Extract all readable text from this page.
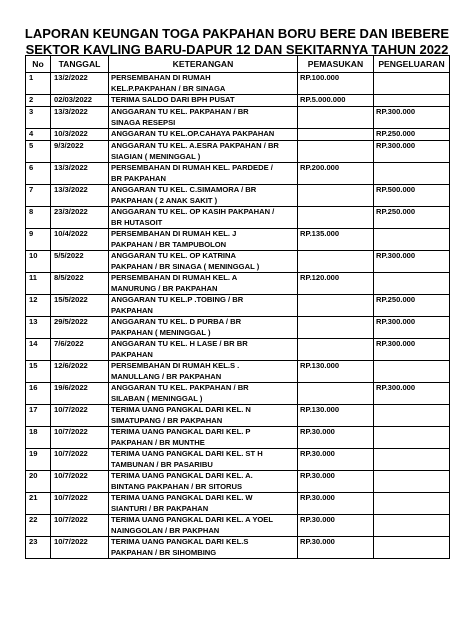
LAPORAN KEUNGAN TOGA PAKPAHAN BORU BERE DAN IBEBERE
SEKTOR KAVLING BARU-DAPUR 12 DAN SEKITARNYA TAHUN 2022
No	TANGGAL	KETERANGAN	PEMASUKAN	PENGELUARAN
1	13/2/2022	PERSEMBAHAN DI RUMAH
KEL.P.PAKPAHAN / BR SINAGA	RP.100.000	
2	02/03/2022	TERIMA SALDO DARI BPH PUSAT	RP.5.000.000	
3	13/3/2022	ANGGARAN TU KEL. PAKPAHAN / BR
SINAGA RESEPSI		RP.300.000
4	10/3/2022	ANGGARAN TU KEL.OP.CAHAYA PAKPAHAN		RP.250.000
5	9/3/2022	ANGGARAN TU KEL. A.ESRA PAKPAHAN / BR
SIAGIAN ( MENINGGAL )		RP.300.000
6	13/3/2022	PERSEMBAHAN DI RUMAH KEL. PARDEDE /
BR PAKPAHAN	RP.200.000	
7	13/3/2022	ANGGARAN TU KEL. C.SIMAMORA / BR
PAKPAHAN ( 2 ANAK SAKIT )		RP.500.000
8	23/3/2022	ANGGARAN TU KEL. OP KASIH PAKPAHAN /
BR HUTASOIT		RP.250.000
9	10/4/2022	PERSEMBAHAN DI RUMAH KEL. J
PAKPAHAN / BR TAMPUBOLON	RP.135.000	
10	5/5/2022	ANGGARAN TU KEL. OP KATRINA
PAKPAHAN / BR SINAGA ( MENINGGAL )		RP.300.000
11	8/5/2022	PERSEMBAHAN DI RUMAH KEL. A
MANURUNG / BR PAKPAHAN	RP.120.000	
12	15/5/2022	ANGGARAN TU KEL.P .TOBING / BR
PAKPAHAN		RP.250.000
13	29/5/2022	ANGGARAN TU KEL. D PURBA / BR
PAKPAHAN ( MENINGGAL )		RP.300.000
14	7/6/2022	ANGGARAN TU KEL. H LASE / BR BR
PAKPAHAN		RP.300.000
15	12/6/2022	PERSEMBAHAN DI RUMAH KEL.S .
MANULLANG / BR PAKPAHAN	RP.130.000	
16	19/6/2022	ANGGARAN TU KEL. PAKPAHAN / BR
SILABAN ( MENINGGAL )		RP.300.000
17	10/7/2022	TERIMA UANG PANGKAL DARI KEL. N
SIMATUPANG / BR PAKPAHAN	RP.130.000	
18	10/7/2022	TERIMA UANG PANGKAL DARI KEL. P
PAKPAHAN / BR MUNTHE	RP.30.000	
19	10/7/2022	TERIMA UANG PANGKAL DARI KEL. ST H
TAMBUNAN / BR PASARIBU	RP.30.000	
20	10/7/2022	TERIMA UANG PANGKAL DARI KEL. A.
BINTANG PAKPAHAN / BR SITORUS	RP.30.000	
21	10/7/2022	TERIMA UANG PANGKAL DARI KEL. W
SIANTURI / BR PAKPAHAN	RP.30.000	
22	10/7/2022	TERIMA UANG PANGKAL DARI KEL. A YOEL
NAINGGOLAN / BR PAKPHAN	RP.30.000	
23	10/7/2022	TERIMA UANG PANGKAL DARI KEL.S
PAKPAHAN / BR SIHOMBING	RP.30.000	
